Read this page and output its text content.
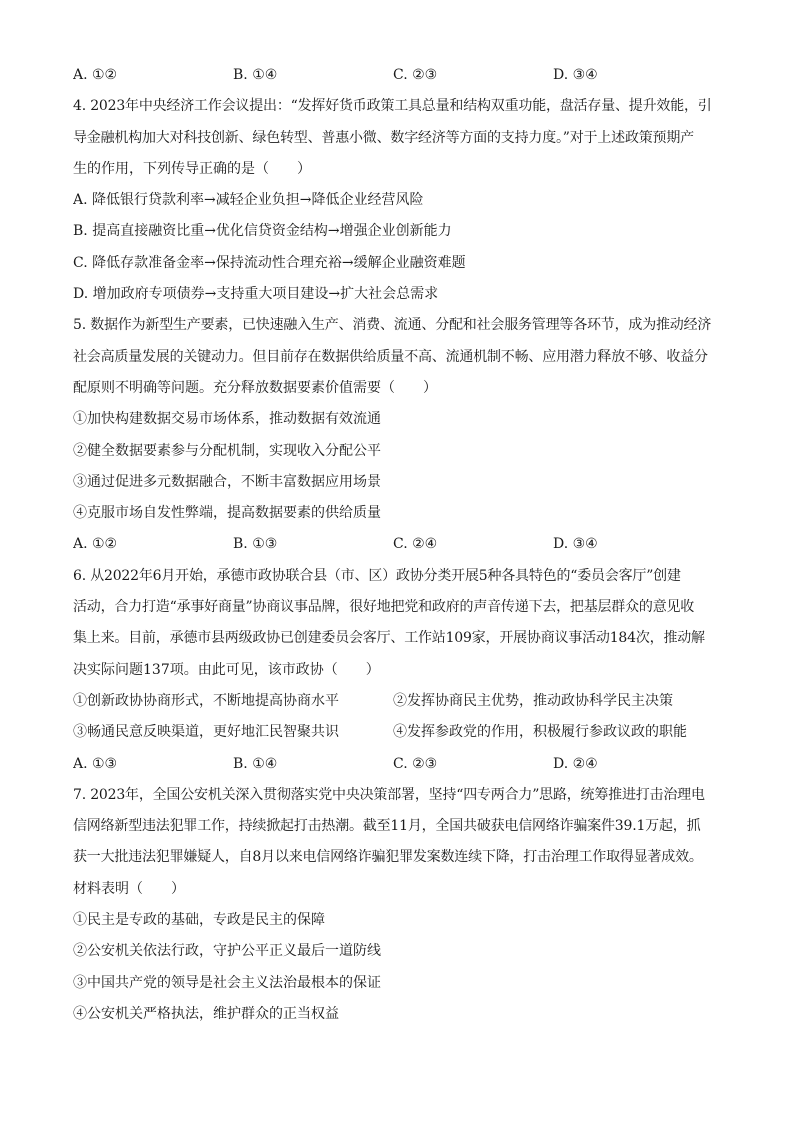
A. ①②	B. ①④	C. ②③	D. ③④
4. 2023年中央经济工作会议提出：“发挥好货币政策工具总量和结构双重功能，盘活存量、提升效能，引
导金融机构加大对科技创新、绿色转型、普惠小微、数字经济等方面的支持力度。”对于上述政策预期产
生的作用，下列传导正确的是（　　）
A. 降低银行贷款利率→减轻企业负担→降低企业经营风险
B. 提高直接融资比重→优化信贷资金结构→增强企业创新能力
C. 降低存款准备金率→保持流动性合理充裕→缓解企业融资难题
D. 增加政府专项债券→支持重大项目建设→扩大社会总需求
5. 数据作为新型生产要素，已快速融入生产、消费、流通、分配和社会服务管理等各环节，成为推动经济
社会高质量发展的关键动力。但目前存在数据供给质量不高、流通机制不畅、应用潜力释放不够、收益分
配原则不明确等问题。充分释放数据要素价值需要（　　）
①加快构建数据交易市场体系，推动数据有效流通
②健全数据要素参与分配机制，实现收入分配公平
③通过促进多元数据融合，不断丰富数据应用场景
④克服市场自发性弊端，提高数据要素的供给质量
A. ①②	B. ①③	C. ②④	D. ③④
6. 从2022年6月开始，承德市政协联合县（市、区）政协分类开展5种各具特色的“委员会客厅”创建
活动，合力打造“承事好商量”协商议事品牌，很好地把党和政府的声音传递下去，把基层群众的意见收
集上来。目前，承德市县两级政协已创建委员会客厅、工作站109家，开展协商议事活动184次，推动解
决实际问题137项。由此可见，该市政协（　　）
①创新政协协商形式，不断地提高协商水平	②发挥协商民主优势，推动政协科学民主决策
③畅通民意反映渠道，更好地汇民智聚共识	④发挥参政党的作用，积极履行参政议政的职能
A. ①③	B. ①④	C. ②③	D. ②④
7. 2023年，全国公安机关深入贯彻落实党中央决策部署，坚持“四专两合力”思路，统筹推进打击治理电
信网络新型违法犯罪工作，持续掀起打击热潮。截至11月，全国共破获电信网络诈骗案件39.1万起，抓
获一大批违法犯罪嫌疑人，自8月以来电信网络诈骗犯罪发案数连续下降，打击治理工作取得显著成效。
材料表明（　　）
①民主是专政的基础，专政是民主的保障
②公安机关依法行政，守护公平正义最后一道防线
③中国共产党的领导是社会主义法治最根本的保证
④公安机关严格执法，维护群众的正当权益
